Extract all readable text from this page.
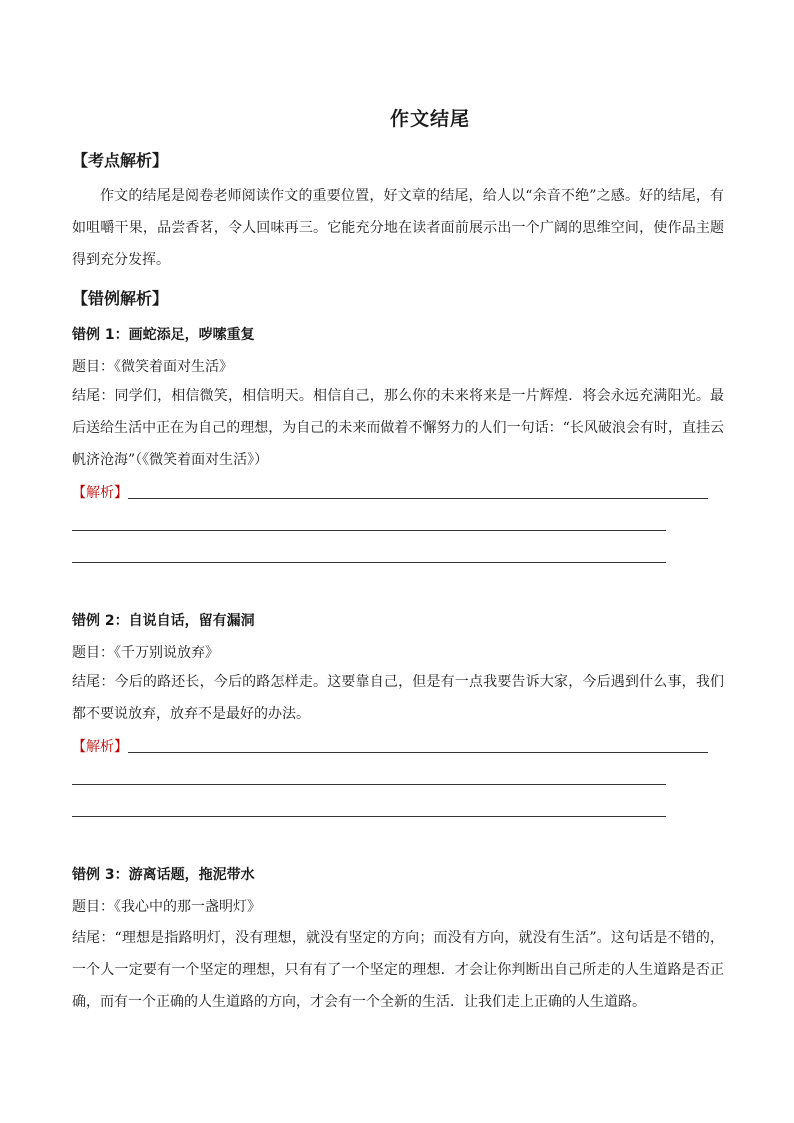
作文结尾
【考点解析】
作文的结尾是阅卷老师阅读作文的重要位置，好文章的结尾，给人以“余音不绝”之感。好的结尾，有如咀嚼干果，品尝香茗，令人回味再三。它能充分地在读者面前展示出一个广阔的思维空间，使作品主题得到充分发挥。
【错例解析】
错例 1：画蛇添足，哕嗦重复
题目：《微笑着面对生活》
结尾：同学们，相信微笑，相信明天。相信自己，那么你的未来将来是一片辉煌．将会永远充满阳光。最后送给生活中正在为自己的理想，为自己的未来而做着不懈努力的人们一句话：“长风破浪会有时，直挂云帆济沧海”（《微笑着面对生活》）
【解析】
错例 2：自说自话，留有漏洞
题目：《千万别说放弃》
结尾：今后的路还长，今后的路怎样走。这要靠自己，但是有一点我要告诉大家，今后遇到什么事，我们都不要说放弃，放弃不是最好的办法。
【解析】
错例 3：游离话题，拖泥带水
题目：《我心中的那一盏明灯》
结尾：“理想是指路明灯，没有理想，就没有坚定的方向；而没有方向，就没有生活”。这句话是不错的，一个人一定要有一个坚定的理想，只有有了一个坚定的理想．才会让你判断出自己所走的人生道路是否正确，而有一个正确的人生道路的方向，才会有一个全新的生活．让我们走上正确的人生道路。
